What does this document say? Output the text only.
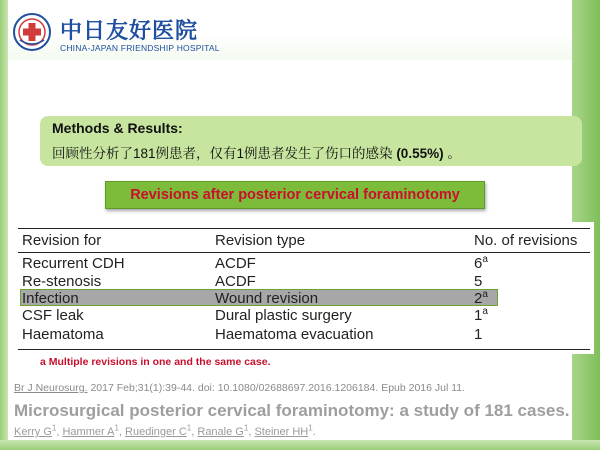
中日友好医院
CHINA-JAPAN FRIENDSHIP HOSPITAL
Methods & Results:
回顾性分析了181例患者，仅有1例患者发生了伤口的感染 (0.55%) 。
Revisions after posterior cervical foraminotomy
Revision for	Revision type	No. of revisions
Recurrent CDH	ACDF	6$^a$
Re-stenosis	ACDF	5
Infection	Wound revision	2$^a$
CSF leak	Dural plastic surgery	1$^a$
Haematoma	Haematoma evacuation	1
a Multiple revisions in one and the same case.
Br J Neurosurg. 2017 Feb;31(1):39-44. doi: 10.1080/02688697.2016.1206184. Epub 2016 Jul 11.
Microsurgical posterior cervical foraminotomy: a study of 181 cases.
Kerry $G^1$, Hammer $A^1$, Ruedinger $C^1$, Ranale $G^1$, Steiner $HH^1$.
